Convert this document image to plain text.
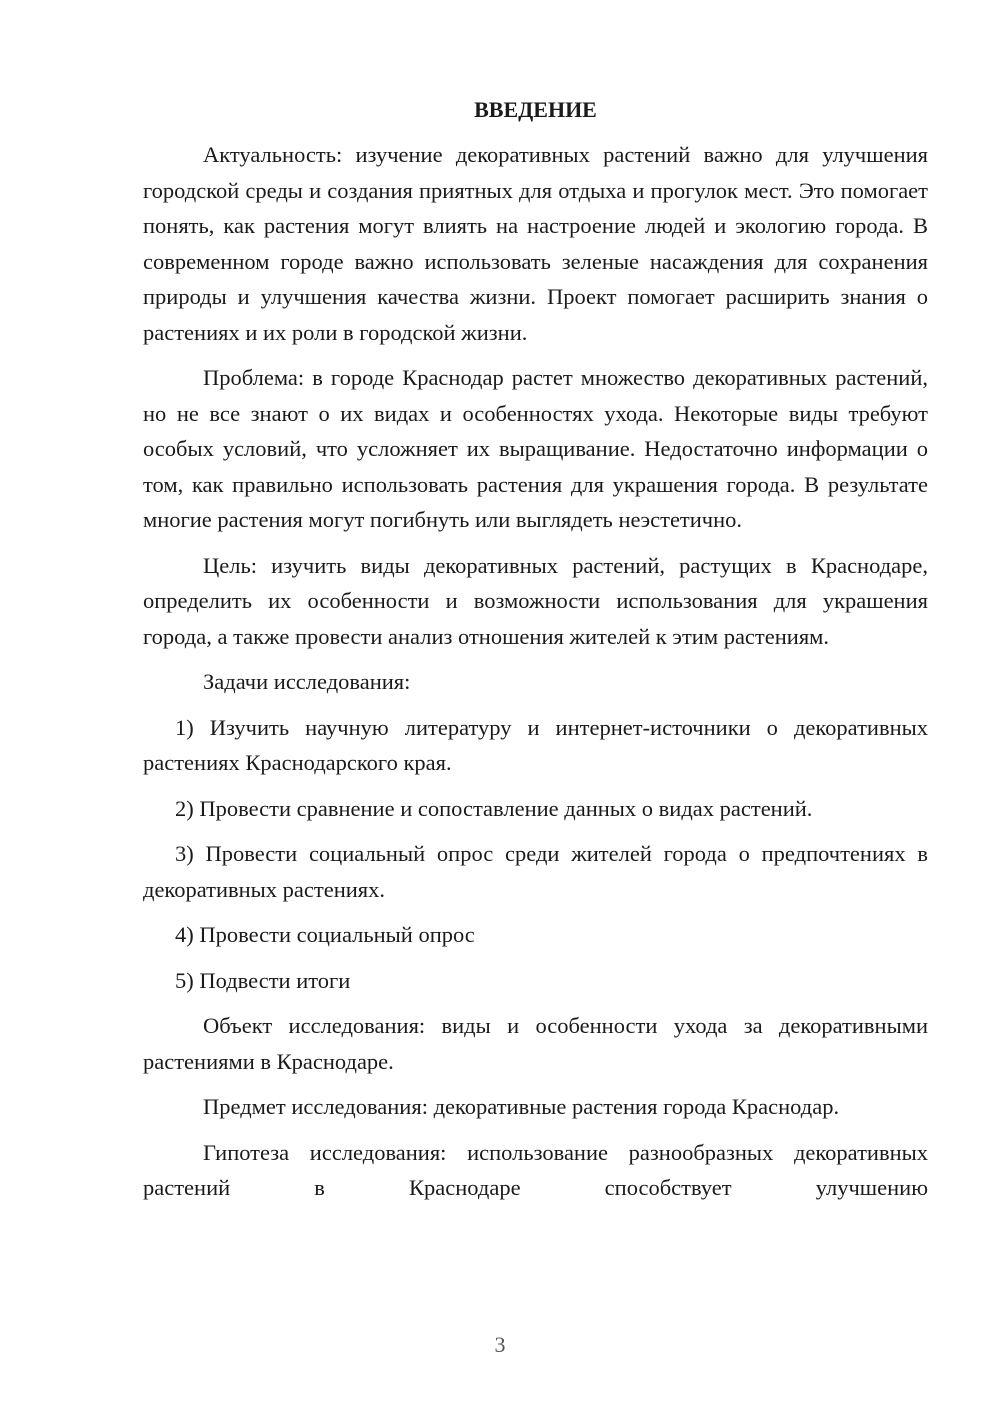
ВВЕДЕНИЕ

Актуальность: изучение декоративных растений важно для улучшения городской среды и создания приятных для отдыха и прогулок мест. Это помогает понять, как растения могут влиять на настроение людей и экологию города. В современном городе важно использовать зеленые насаждения для сохранения природы и улучшения качества жизни. Проект помогает расширить знания о растениях и их роли в городской жизни.

Проблема: в городе Краснодар растет множество декоративных растений, но не все знают о их видах и особенностях ухода. Некоторые виды требуют особых условий, что усложняет их выращивание. Недостаточно информации о том, как правильно использовать растения для украшения города. В результате многие растения могут погибнуть или выглядеть неэстетично.

Цель: изучить виды декоративных растений, растущих в Краснодаре, определить их особенности и возможности использования для украшения города, а также провести анализ отношения жителей к этим растениям.

Задачи исследования:

1) Изучить научную литературу и интернет-источники о декоративных растениях Краснодарского края.

2) Провести сравнение и сопоставление данных о видах растений.

3) Провести социальный опрос среди жителей города о предпочтениях в декоративных растениях.

4) Провести социальный опрос

5) Подвести итоги

Объект исследования: виды и особенности ухода за декоративными растениями в Краснодаре.

Предмет исследования: декоративные растения города Краснодар.

Гипотеза исследования: использование разнообразных декоративных растений в Краснодаре способствует улучшению

3
